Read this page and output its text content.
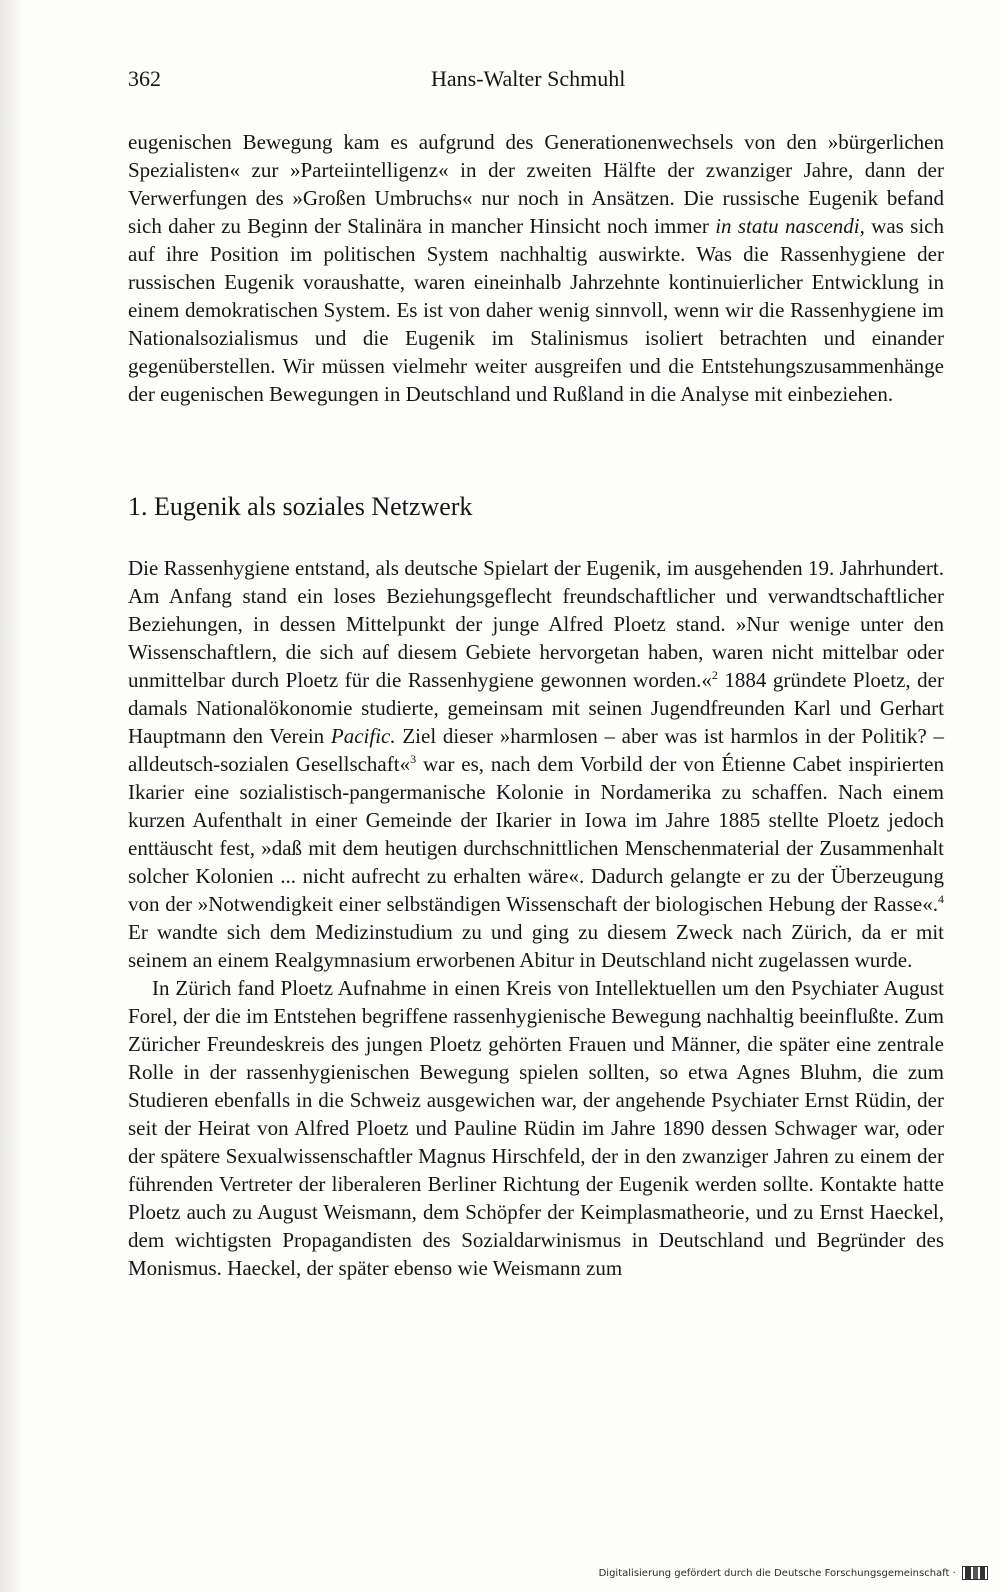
362	Hans-Walter Schmuhl

eugenischen Bewegung kam es aufgrund des Generationenwechsels von den »bürgerlichen Spezialisten« zur »Parteiintelligenz« in der zweiten Hälfte der zwanziger Jahre, dann der Verwerfungen des »Großen Umbruchs« nur noch in Ansätzen. Die russische Eugenik befand sich daher zu Beginn der Stalinära in mancher Hinsicht noch immer in statu nascendi, was sich auf ihre Position im politischen System nachhaltig auswirkte. Was die Rassenhygiene der russischen Eugenik voraushatte, waren eineinhalb Jahrzehnte kontinuierlicher Entwicklung in einem demokratischen System. Es ist von daher wenig sinnvoll, wenn wir die Rassenhygiene im Nationalsozialismus und die Eugenik im Stalinismus isoliert betrachten und einander gegenüberstellen. Wir müssen vielmehr weiter ausgreifen und die Entstehungszusammenhänge der eugenischen Bewegungen in Deutschland und Rußland in die Analyse mit einbeziehen.

1. Eugenik als soziales Netzwerk

Die Rassenhygiene entstand, als deutsche Spielart der Eugenik, im ausgehenden 19. Jahrhundert. Am Anfang stand ein loses Beziehungsgeflecht freundschaftlicher und verwandtschaftlicher Beziehungen, in dessen Mittelpunkt der junge Alfred Ploetz stand. »Nur wenige unter den Wissenschaftlern, die sich auf diesem Gebiete hervorgetan haben, waren nicht mittelbar oder unmittelbar durch Ploetz für die Rassenhygiene gewonnen worden.«$^2$ 1884 gründete Ploetz, der damals Nationalökonomie studierte, gemeinsam mit seinen Jugendfreunden Karl und Gerhart Hauptmann den Verein Pacific. Ziel dieser »harmlosen – aber was ist harmlos in der Politik? – alldeutsch-sozialen Gesellschaft«$^3$ war es, nach dem Vorbild der von Étienne Cabet inspirierten Ikarier eine sozialistisch-pangermanische Kolonie in Nordamerika zu schaffen. Nach einem kurzen Aufenthalt in einer Gemeinde der Ikarier in Iowa im Jahre 1885 stellte Ploetz jedoch enttäuscht fest, »daß mit dem heutigen durchschnittlichen Menschenmaterial der Zusammenhalt solcher Kolonien ... nicht aufrecht zu erhalten wäre«. Dadurch gelangte er zu der Überzeugung von der »Notwendigkeit einer selbständigen Wissenschaft der biologischen Hebung der Rasse«.$^4$ Er wandte sich dem Medizinstudium zu und ging zu diesem Zweck nach Zürich, da er mit seinem an einem Realgymnasium erworbenen Abitur in Deutschland nicht zugelassen wurde.

In Zürich fand Ploetz Aufnahme in einen Kreis von Intellektuellen um den Psychiater August Forel, der die im Entstehen begriffene rassenhygienische Bewegung nachhaltig beeinflußte. Zum Züricher Freundeskreis des jungen Ploetz gehörten Frauen und Männer, die später eine zentrale Rolle in der rassenhygienischen Bewegung spielen sollten, so etwa Agnes Bluhm, die zum Studieren ebenfalls in die Schweiz ausgewichen war, der angehende Psychiater Ernst Rüdin, der seit der Heirat von Alfred Ploetz und Pauline Rüdin im Jahre 1890 dessen Schwager war, oder der spätere Sexualwissenschaftler Magnus Hirschfeld, der in den zwanziger Jahren zu einem der führenden Vertreter der liberaleren Berliner Richtung der Eugenik werden sollte. Kontakte hatte Ploetz auch zu August Weismann, dem Schöpfer der Keimplasmatheorie, und zu Ernst Haeckel, dem wichtigsten Propagandisten des Sozialdarwinismus in Deutschland und Begründer des Monismus. Haeckel, der später ebenso wie Weismann zum

Digitalisierung gefördert durch die Deutsche Forschungsgemeinschaft ·
